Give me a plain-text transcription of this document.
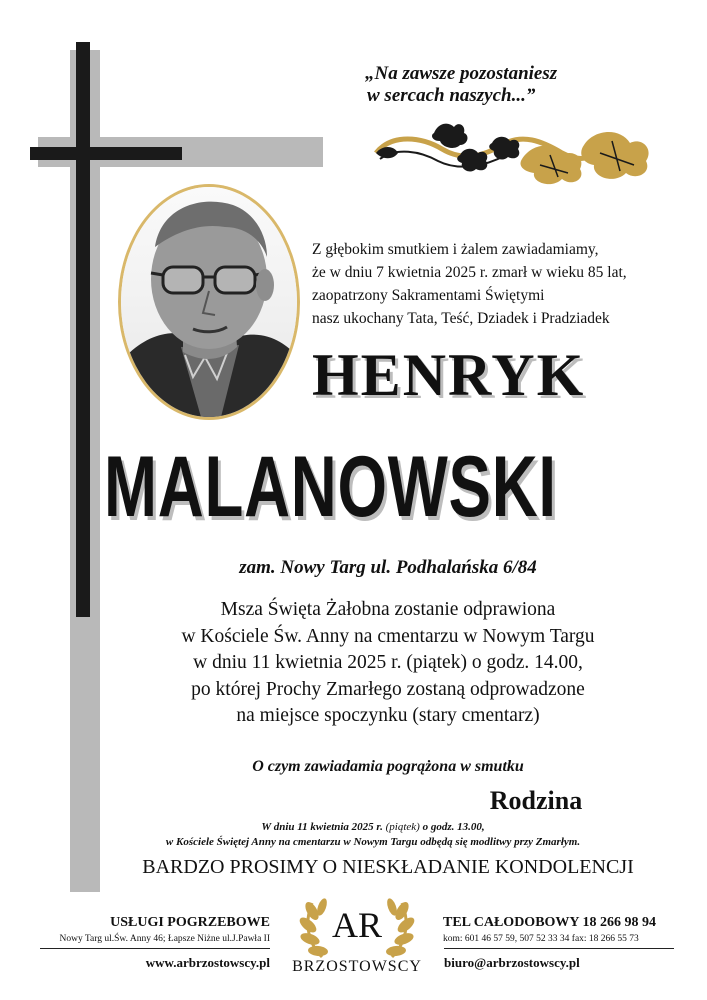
„Na zawsze pozostaniesz
w sercach naszych...”
Z głębokim smutkiem i żalem zawiadamiamy,
że w dniu 7 kwietnia 2025 r. zmarł w wieku 85 lat,
zaopatrzony Sakramentami Świętymi
nasz ukochany Tata, Teść, Dziadek i Pradziadek
HENRYK
MALANOWSKI
zam. Nowy Targ ul. Podhalańska 6/84
Msza Święta Żałobna zostanie odprawiona
w Kościele Św. Anny na cmentarzu w Nowym Targu
w dniu 11 kwietnia 2025 r. (piątek) o godz. 14.00,
po której Prochy Zmarłego zostaną odprowadzone
na miejsce spoczynku (stary cmentarz)
O czym zawiadamia pogrążona w smutku
Rodzina
W dniu 11 kwietnia 2025 r. (piątek) o godz. 13.00,
w Kościele Świętej Anny na cmentarzu w Nowym Targu odbędą się modlitwy przy Zmarłym.
BARDZO PROSIMY O NIESKŁADANIE KONDOLENCJI
USŁUGI POGRZEBOWE
Nowy Targ ul.Św. Anny 46; Łapsze Niżne ul.J.Pawła II
TEL CAŁODOBOWY 18 266 98 94
kom: 601 46 57 59, 507 52 33 34 fax: 18 266 55 73
www.arbrzostowscy.pl	biuro@arbrzostowscy.pl
AR
BRZOSTOWSCY
